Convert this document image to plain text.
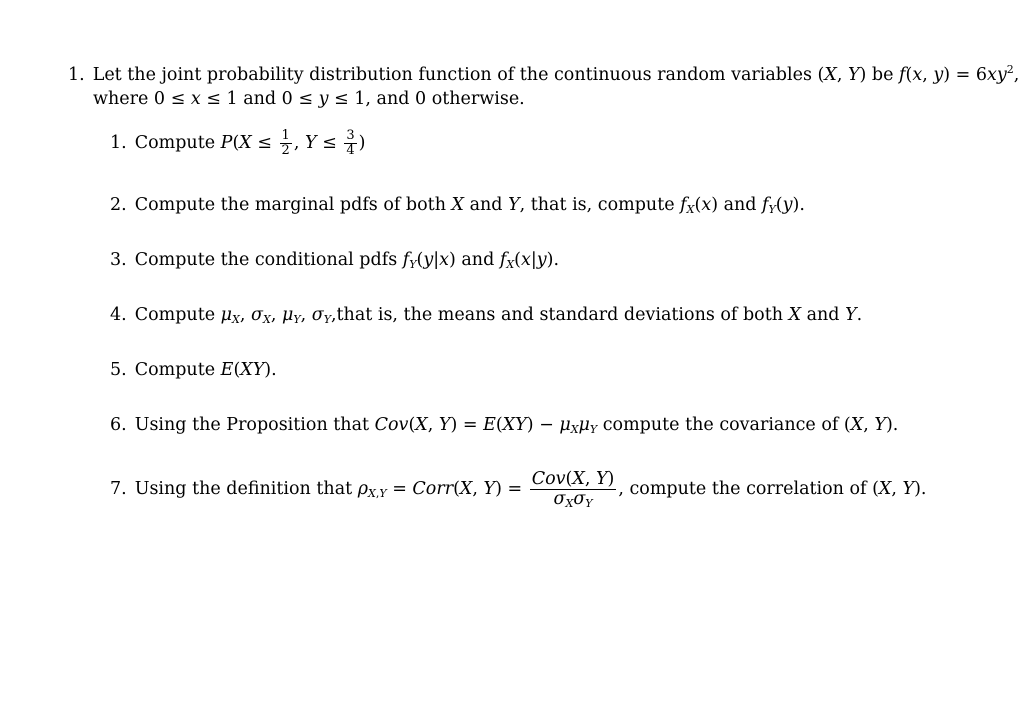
1. Let the joint probability distribution function of the continuous random variables (X, Y) be f(x, $y) = 6xy^2$,
where 0 ≤ x ≤ 1 and 0 ≤ y ≤ 1, and 0 otherwise.
1. Compute $P(X \le \frac{1}{2}$ , $Y \le \frac{3}{4}$ )
2. Compute the marginal pdfs of both X and Y, that is, compute $f_X(x)$ and $f_Y(y)$.
3. Compute the conditional pdfs $f_Y(y|x)$ and $f_X(x|y)$.
4. Compute $\mu_X$, $\sigma_X$, $\mu_Y$, $\sigma_Y,that$ is, the means and standard deviations of both X and Y.
5. Compute E(XY).
6. Using the Proposition that Cov(X, $Y) = E(XY) - \mu_X\mu_Y$ compute the covariance of (X, Y).
7. Using the definition that $\rho_{X,Y}$ = Corr(X, $Y) = \frac{\text{Cov(X, Y)}}{\sigma_X\sigma_Y}$ , compute the correlation of (X, Y).
